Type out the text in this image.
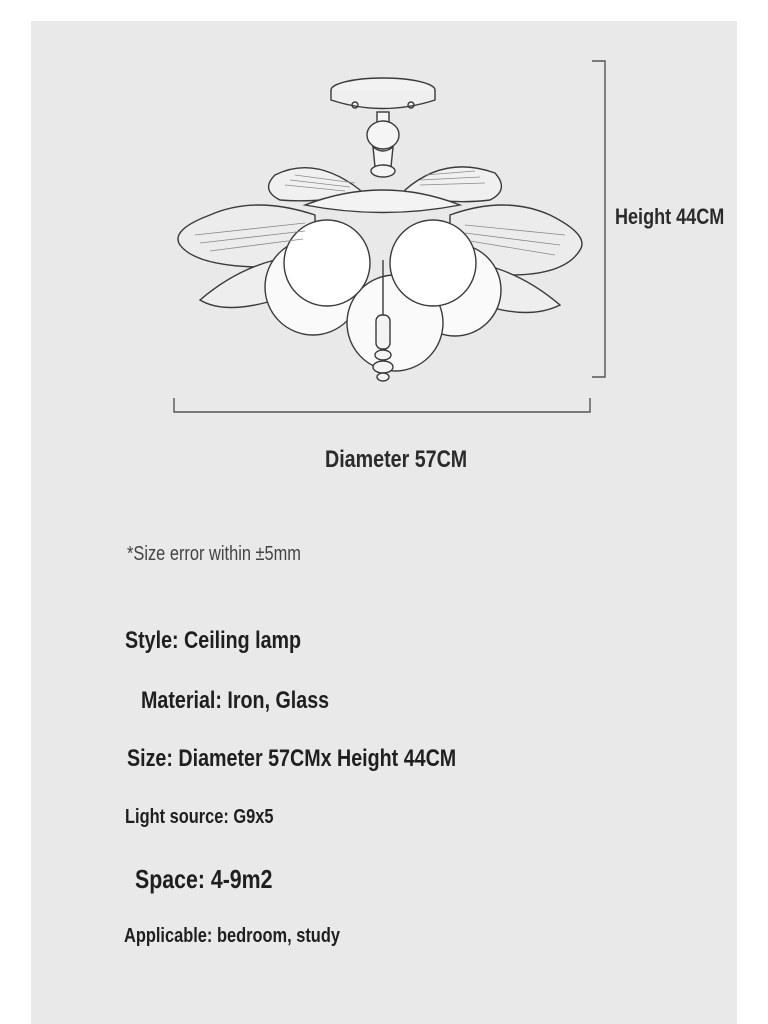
Height 44CM
Diameter 57CM
*Size error within ±5mm
Style: Ceiling lamp
Material: Iron, Glass
Size: Diameter 57CMx Height 44CM
Light source: G9x5
Space: 4-9m2
Applicable: bedroom, study
